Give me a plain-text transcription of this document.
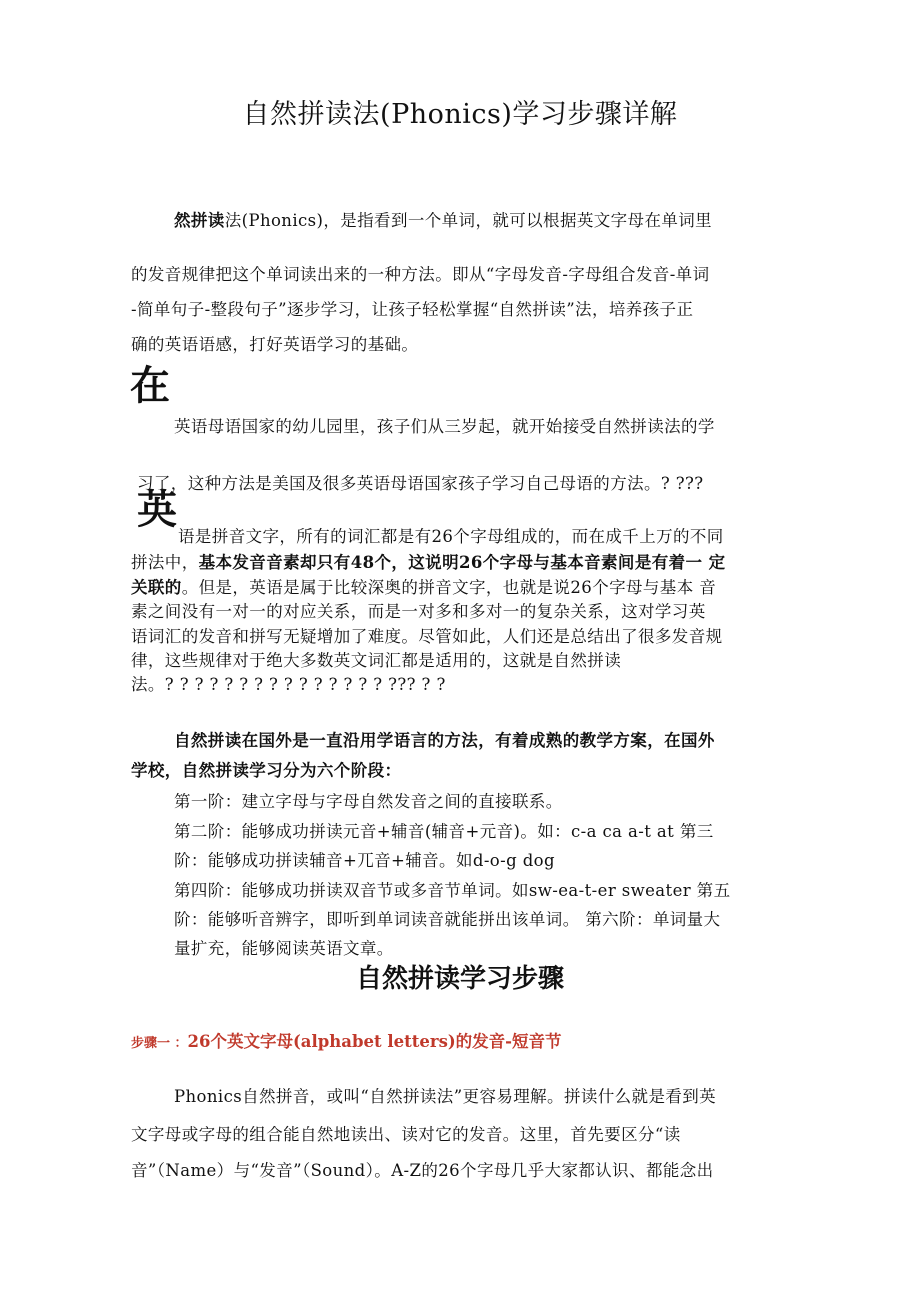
自然拼读法(Phonics)学习步骤详解
然拼读法(Phonics)，是指看到一个单词，就可以根据英文字母在单词里
的发音规律把这个单词读出来的一种方法。即从“字母发音-字母组合发音-单词
-简单句子-整段句子”逐步学习，让孩子轻松掌握“自然拼读”法，培养孩子正
确的英语语感，打好英语学习的基础。
在
英语母语国家的幼儿园里，孩子们从三岁起，就开始接受自然拼读法的学
习了，这种方法是美国及很多英语母语国家孩子学习自己母语的方法。? ???
英
语是拼音文字，所有的词汇都是有26个字母组成的，而在成千上万的不同
拼法中，基本发音音素却只有48个，这说明26个字母与基本音素间是有着一 定
关联的。但是，英语是属于比较深奥的拼音文字，也就是说26个字母与基本 音
素之间没有一对一的对应关系，而是一对多和多对一的复杂关系，这对学习英
语词汇的发音和拼写无疑增加了难度。尽管如此，人们还是总结出了很多发音规
律，这些规律对于绝大多数英文词汇都是适用的，这就是自然拼读
法。? ? ? ? ? ? ? ? ? ? ? ? ? ? ? ??? ? ?
自然拼读在国外是一直沿用学语言的方法，有着成熟的教学方案，在国外
学校，自然拼读学习分为六个阶段：
第一阶：建立字母与字母自然发音之间的直接联系。
第二阶：能够成功拼读元音+辅音(辅音+元音)。如：c-a ca a-t at 第三
阶：能够成功拼读辅音+兀音+辅音。如d-o-g dog
第四阶：能够成功拼读双音节或多音节单词。如sw-ea-t-er sweater 第五
阶：能够听音辨字，即听到单词读音就能拼出该单词。 第六阶：单词量大
量扩充，能够阅读英语文章。
自然拼读学习步骤
步骤一 ：26个英文字母(alphabet letters)的发音-短音节
Phonics自然拼音，或叫“自然拼读法”更容易理解。拼读什么就是看到英
文字母或字母的组合能自然地读出、读对它的发音。这里，首先要区分“读
音”（Name）与“发音”（Sound）。A-Z的26个字母几乎大家都认识、都能念出
